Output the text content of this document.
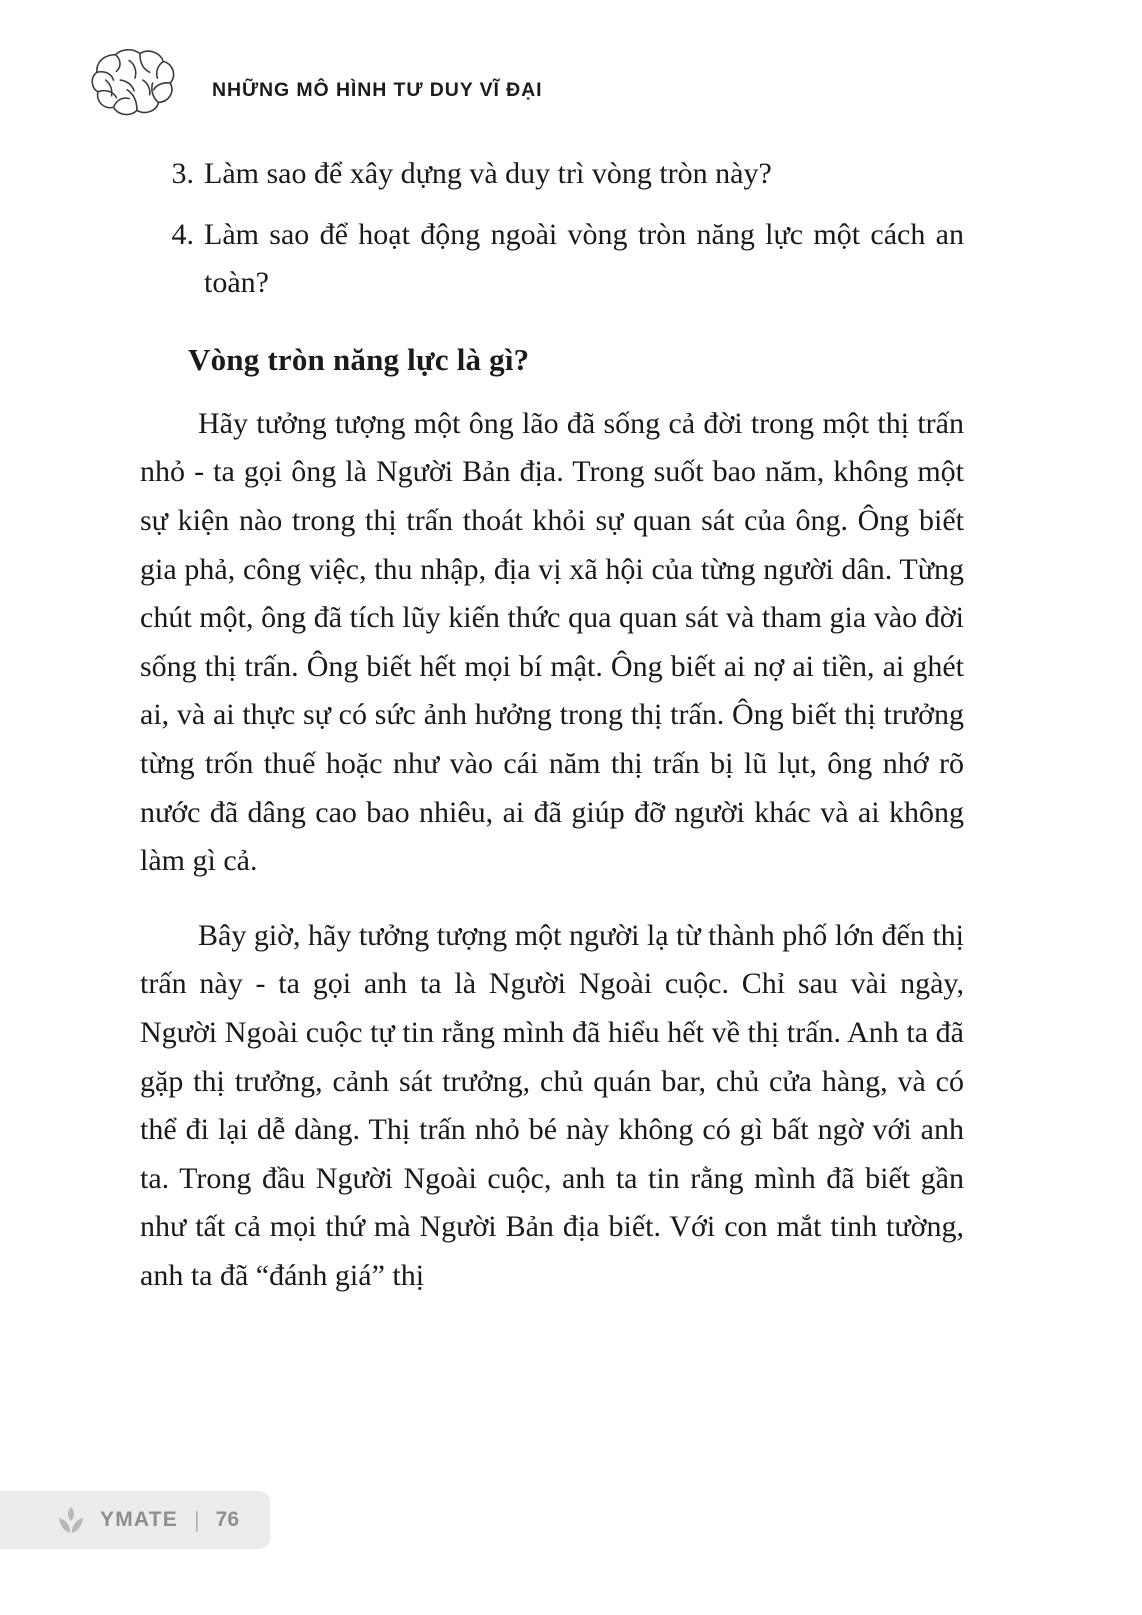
NHỮNG MÔ HÌNH TƯ DUY VĨ ĐẠI
3. Làm sao để xây dựng và duy trì vòng tròn này?
4. Làm sao để hoạt động ngoài vòng tròn năng lực một cách an toàn?
Vòng tròn năng lực là gì?

Hãy tưởng tượng một ông lão đã sống cả đời trong một thị trấn nhỏ - ta gọi ông là Người Bản địa. Trong suốt bao năm, không một sự kiện nào trong thị trấn thoát khỏi sự quan sát của ông. Ông biết gia phả, công việc, thu nhập, địa vị xã hội của từng người dân. Từng chút một, ông đã tích lũy kiến thức qua quan sát và tham gia vào đời sống thị trấn. Ông biết hết mọi bí mật. Ông biết ai nợ ai tiền, ai ghét ai, và ai thực sự có sức ảnh hưởng trong thị trấn. Ông biết thị trưởng từng trốn thuế hoặc như vào cái năm thị trấn bị lũ lụt, ông nhớ rõ nước đã dâng cao bao nhiêu, ai đã giúp đỡ người khác và ai không làm gì cả.

Bây giờ, hãy tưởng tượng một người lạ từ thành phố lớn đến thị trấn này - ta gọi anh ta là Người Ngoài cuộc. Chỉ sau vài ngày, Người Ngoài cuộc tự tin rằng mình đã hiểu hết về thị trấn. Anh ta đã gặp thị trưởng, cảnh sát trưởng, chủ quán bar, chủ cửa hàng, và có thể đi lại dễ dàng. Thị trấn nhỏ bé này không có gì bất ngờ với anh ta. Trong đầu Người Ngoài cuộc, anh ta tin rằng mình đã biết gần như tất cả mọi thứ mà Người Bản địa biết. Với con mắt tinh tường, anh ta đã “đánh giá” thị

YMATE | 76
